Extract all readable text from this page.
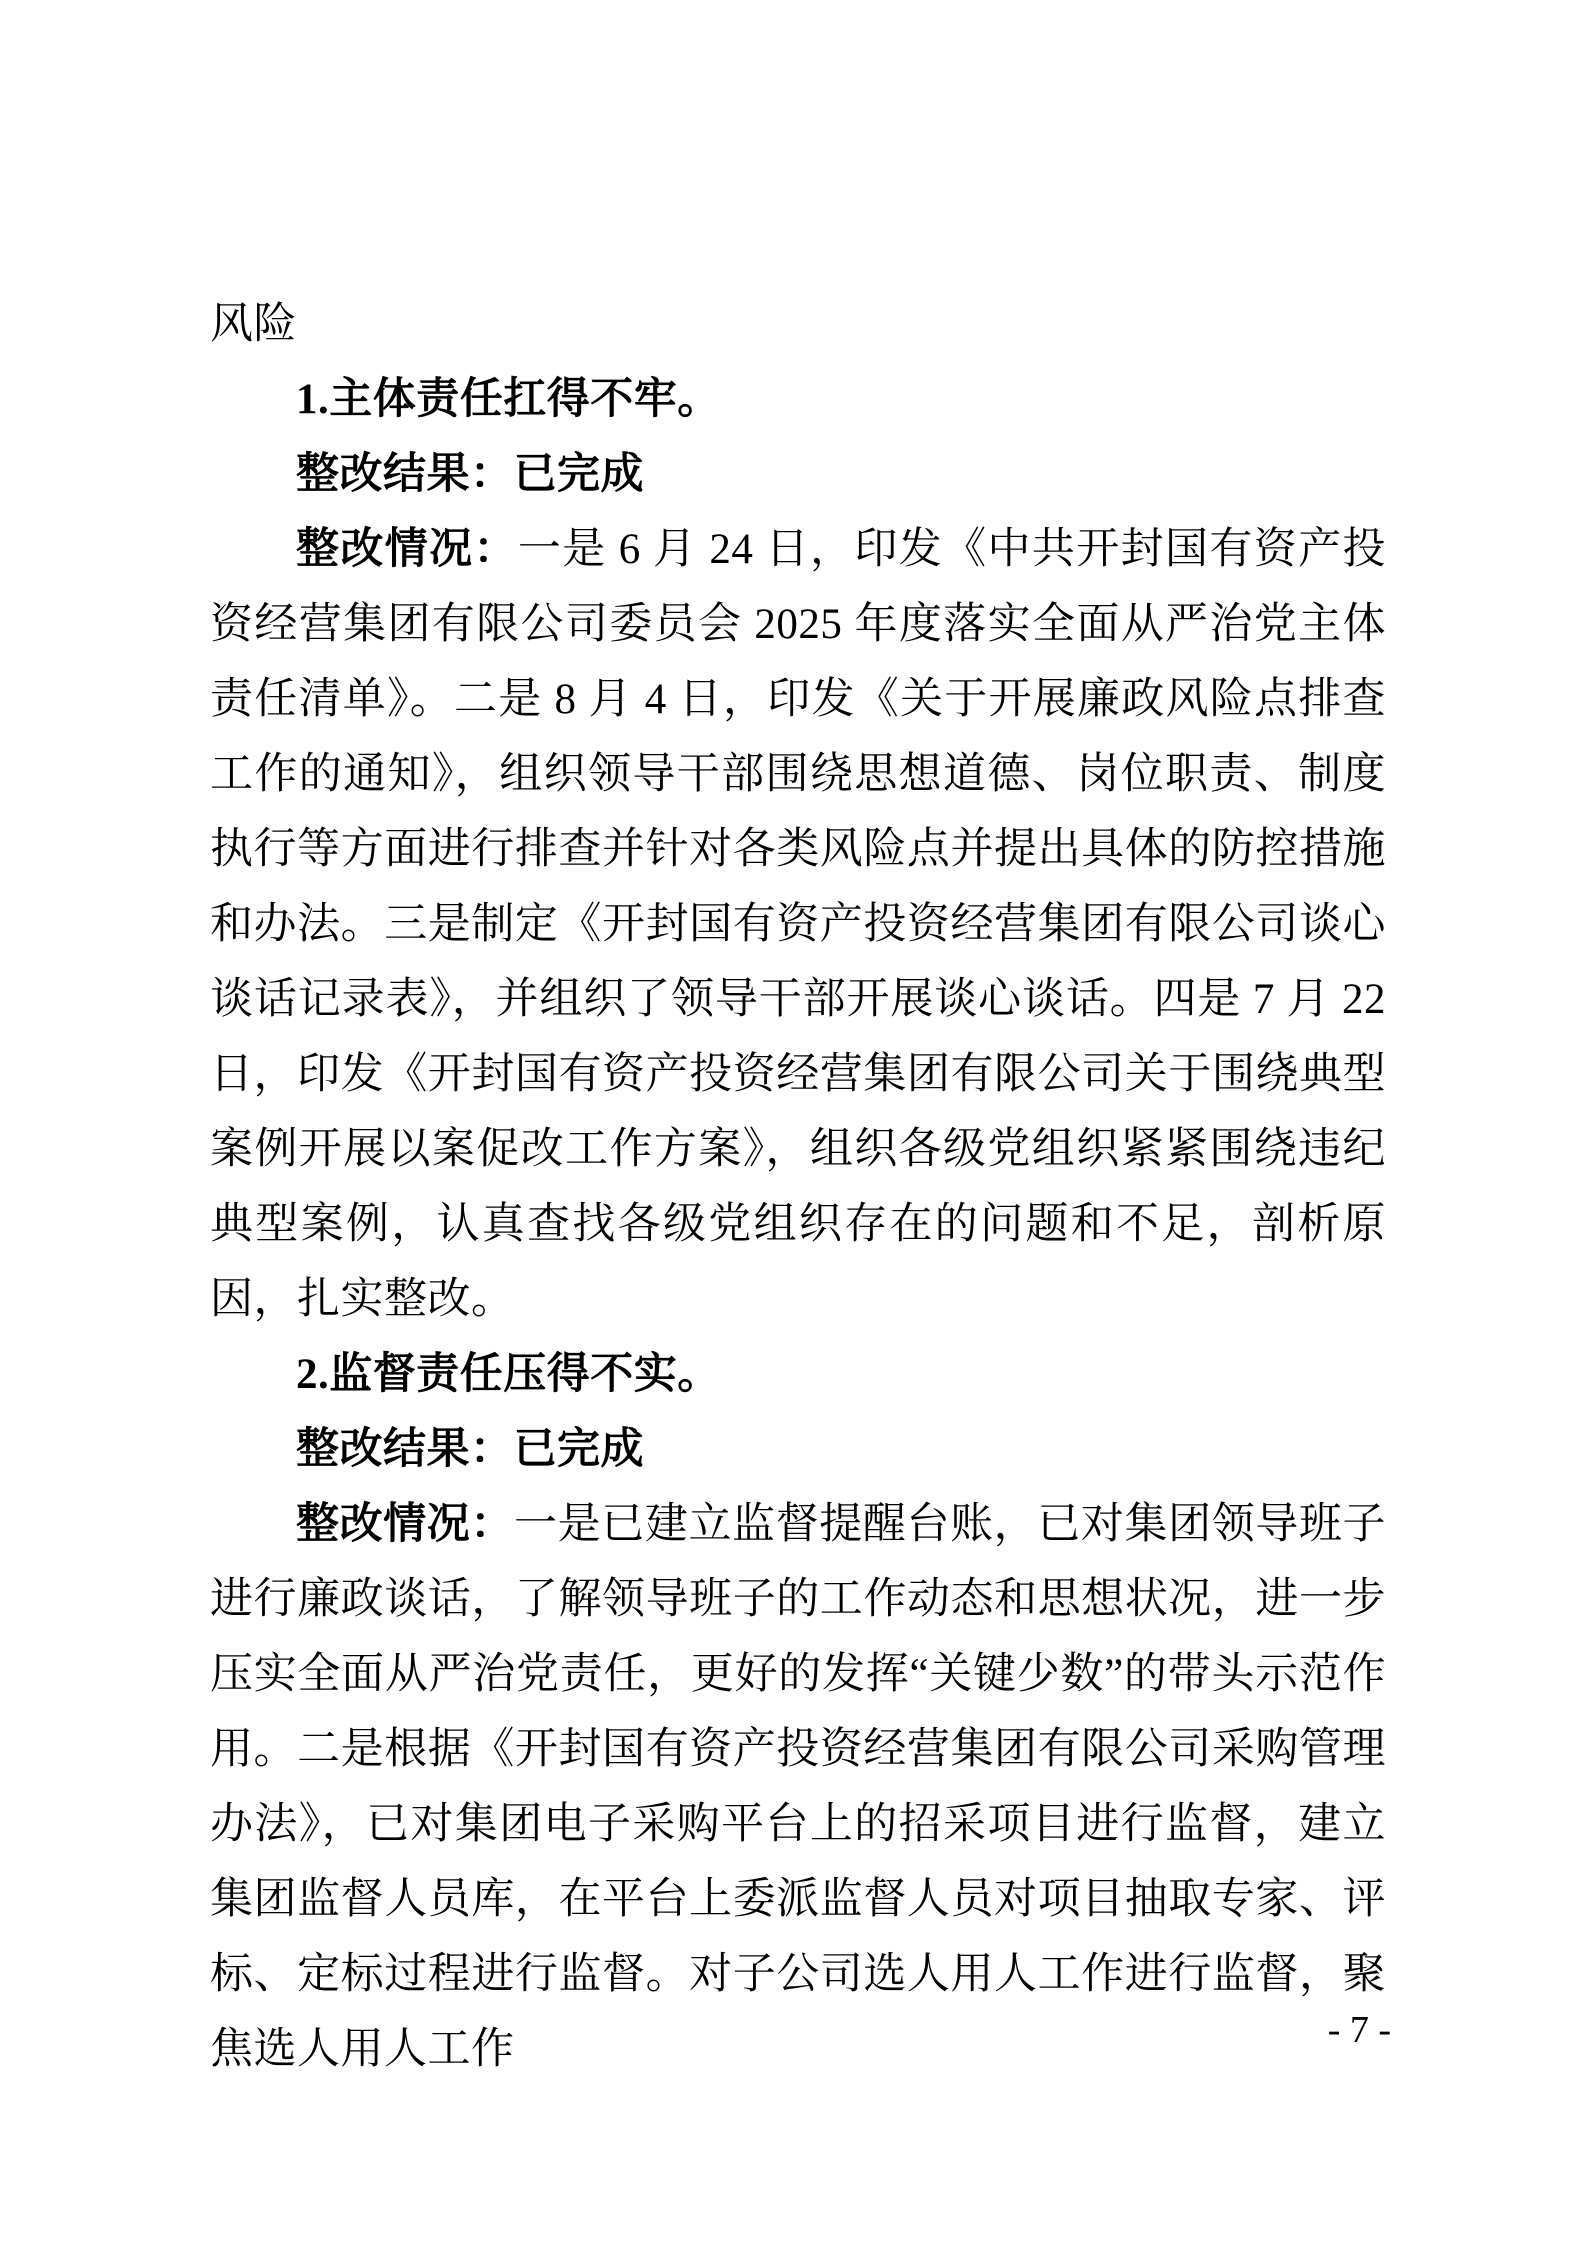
风险

1.主体责任扛得不牢。

整改结果：已完成

整改情况：一是 6 月 24 日，印发《中共开封国有资产投资经营集团有限公司委员会 2025 年度落实全面从严治党主体责任清单》。二是 8 月 4 日，印发《关于开展廉政风险点排查工作的通知》，组织领导干部围绕思想道德、岗位职责、制度执行等方面进行排查并针对各类风险点并提出具体的防控措施和办法。三是制定《开封国有资产投资经营集团有限公司谈心谈话记录表》，并组织了领导干部开展谈心谈话。四是 7 月 22 日，印发《开封国有资产投资经营集团有限公司关于围绕典型案例开展以案促改工作方案》，组织各级党组织紧紧围绕违纪典型案例，认真查找各级党组织存在的问题和不足，剖析原因，扎实整改。

2.监督责任压得不实。

整改结果：已完成

整改情况：一是已建立监督提醒台账，已对集团领导班子进行廉政谈话，了解领导班子的工作动态和思想状况，进一步压实全面从严治党责任，更好的发挥“关键少数”的带头示范作用。二是根据《开封国有资产投资经营集团有限公司采购管理办法》，已对集团电子采购平台上的招采项目进行监督，建立集团监督人员库，在平台上委派监督人员对项目抽取专家、评标、定标过程进行监督。对子公司选人用人工作进行监督，聚焦选人用人工作	- 7 -
